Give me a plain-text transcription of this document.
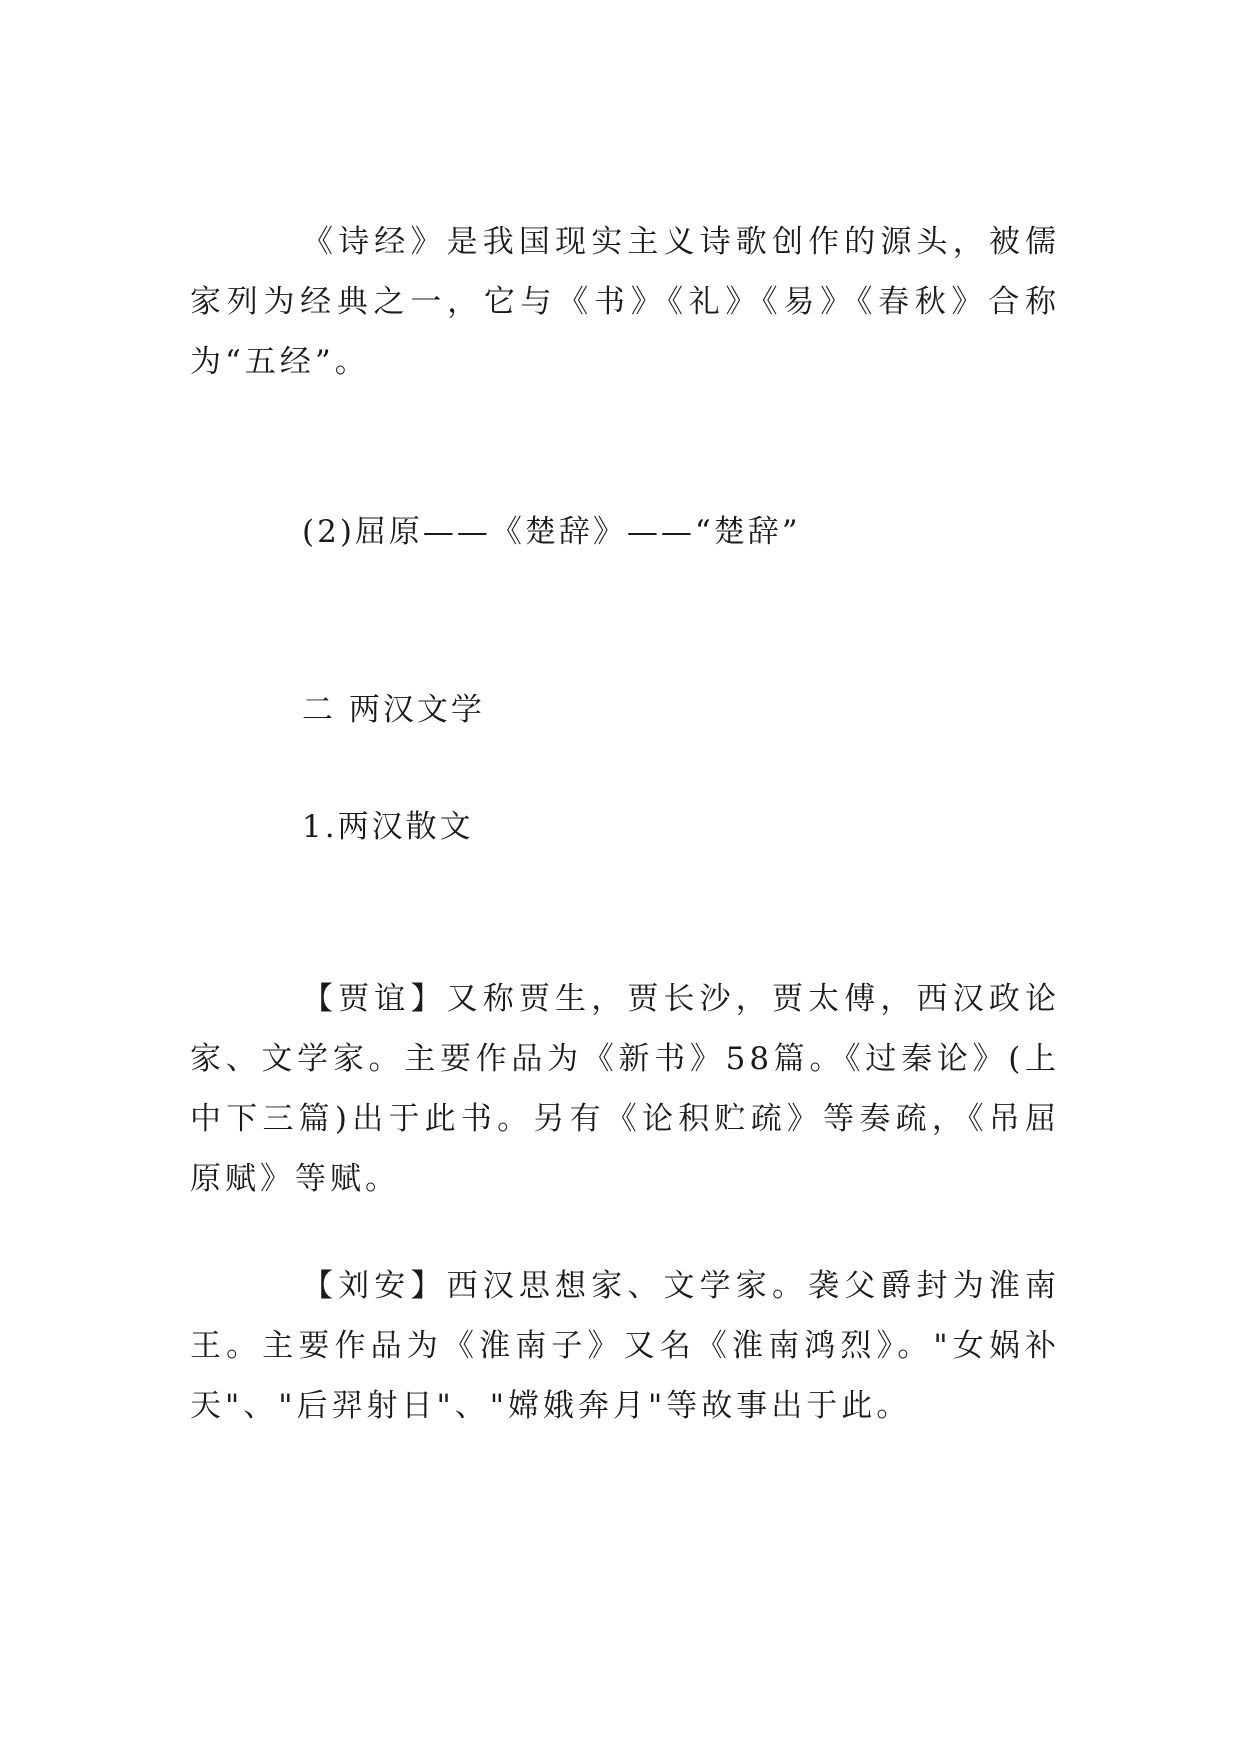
《诗经》是我国现实主义诗歌创作的源头，被儒家列为经典之一，它与《书》《礼》《易》《春秋》合称为“五经”。

(2)屈原——《楚辞》——“楚辞”

二 两汉文学

1.两汉散文

【贾谊】又称贾生，贾长沙，贾太傅，西汉政论家、文学家。主要作品为《新书》58篇。《过秦论》(上中下三篇)出于此书。另有《论积贮疏》等奏疏，《吊屈原赋》等赋。

【刘安】西汉思想家、文学家。袭父爵封为淮南王。主要作品为《淮南子》又名《淮南鸿烈》。"女娲补天"、"后羿射日"、"嫦娥奔月"等故事出于此。
